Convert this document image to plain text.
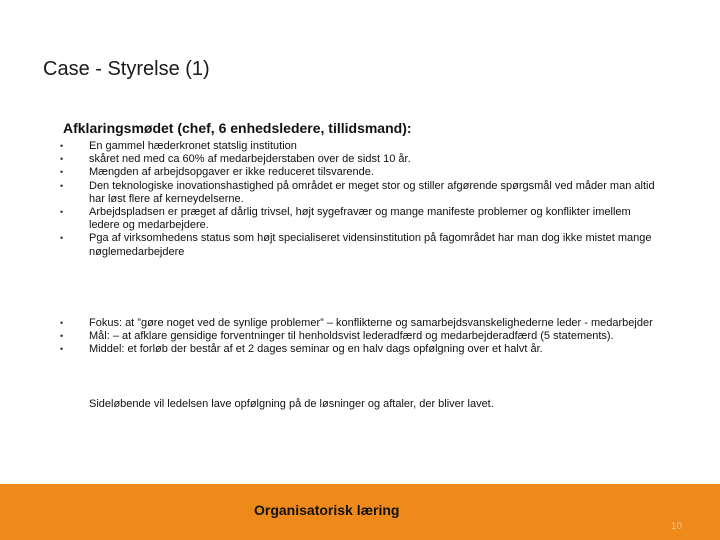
Case - Styrelse (1)
Afklaringsmødet (chef, 6 enhedsledere, tillidsmand):
•	En gammel hæderkronet statslig institution
•	skåret ned med ca 60% af medarbejderstaben over de sidst 10 år.
•	Mængden af arbejdsopgaver er ikke reduceret tilsvarende.
•	Den teknologiske inovationshastighed på området er meget stor og stiller afgørende spørgsmål ved måder man altid har løst flere af kerneydelserne.
•	Arbejdspladsen er præget af dårlig trivsel, højt sygefravær og mange manifeste problemer og konflikter imellem ledere og medarbejdere.
•	Pga af virksomhedens status som højt specialiseret vidensinstitution på fagområdet har man dog ikke mistet mange nøglemedarbejdere
•	Fokus: at ”gøre noget ved de synlige problemer” – konflikterne og samarbejdsvanskelighederne leder - medarbejder
•	Mål: – at afklare gensidige forventninger til henholdsvist lederadfærd og medarbejderadfærd (5 statements).
•	Middel: et forløb der består af et 2 dages seminar og en halv dags opfølgning over et halvt år.
Sideløbende vil ledelsen lave opfølgning på de løsninger og aftaler, der bliver lavet.
Organisatorisk læring
10
